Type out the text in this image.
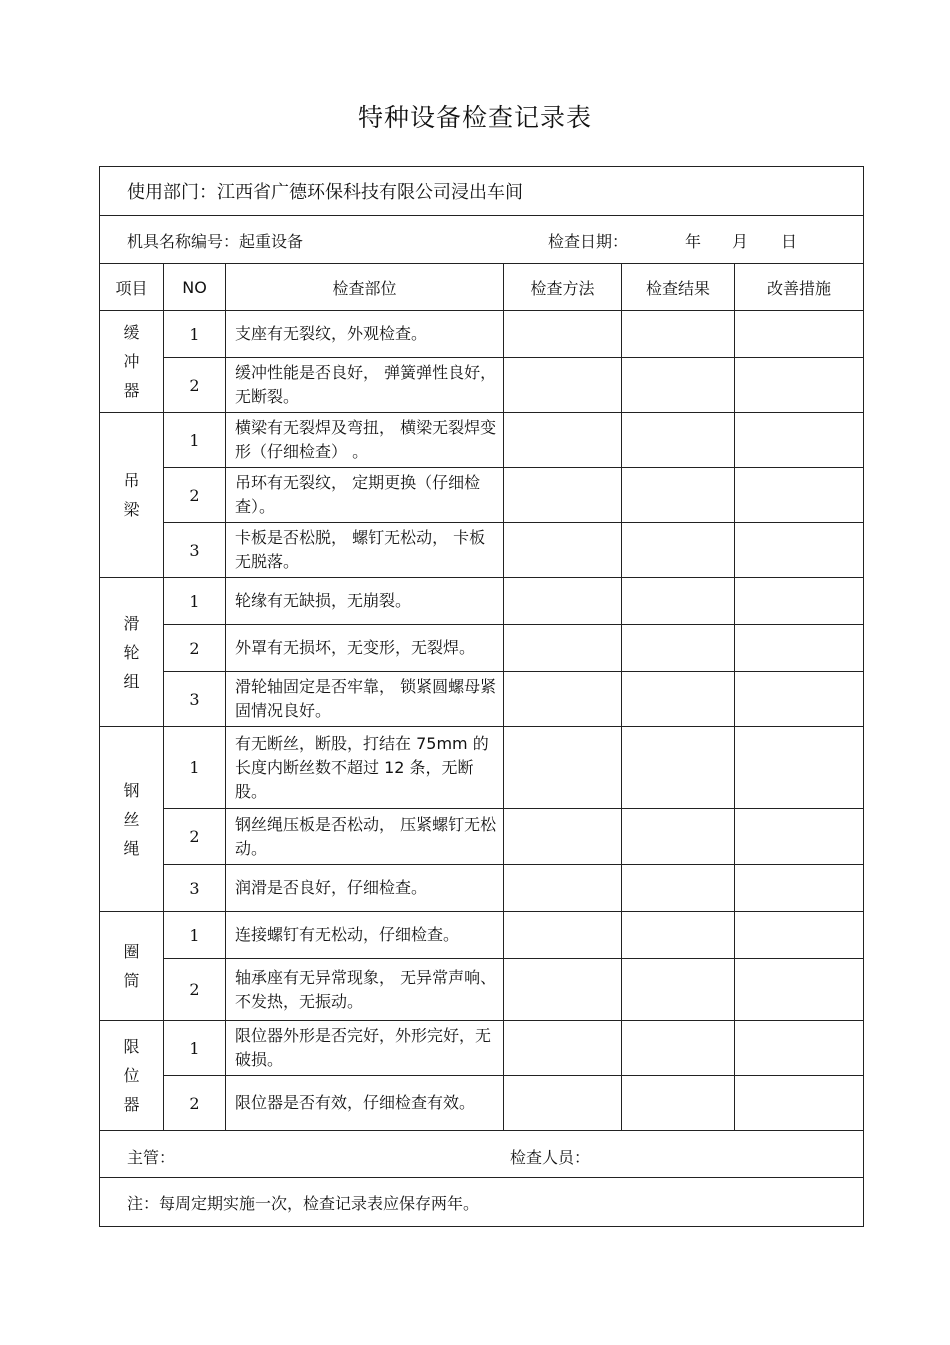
特种设备检查记录表
使用部门：江西省广德环保科技有限公司浸出车间					

机具名称编号：起重设备 检查日期： 年 月 日					

项目	NO	检查部位	检查方法	检查结果	改善措施

缓
冲
器	1	支座有无裂纹，外观检查。			
	2	缓冲性能是否良好， 弹簧弹性良好，无断裂。			

吊
梁	1	横梁有无裂焊及弯扭， 横梁无裂焊变形（仔细检查） 。			
	2	吊环有无裂纹， 定期更换（仔细检查）。			
	3	卡板是否松脱， 螺钉无松动， 卡板无脱落。			

滑
轮
组	1	轮缘有无缺损，无崩裂。			
	2	外罩有无损坏，无变形，无裂焊。			
	3	滑轮轴固定是否牢靠， 锁紧圆螺母紧固情况良好。			

钢
丝
绳	1	有无断丝，断股，打结在 75mm 的长度内断丝数不超过 12 条，无断股。			
	2	钢丝绳压板是否松动， 压紧螺钉无松动。			
	3	润滑是否良好，仔细检查。			

圈
筒	1	连接螺钉有无松动，仔细检查。			
	2	轴承座有无异常现象， 无异常声响、不发热，无振动。			

限
位
器	1	限位器外形是否完好，外形完好，无破损。			
	2	限位器是否有效，仔细检查有效。			

主管： 检查人员：					

注：每周定期实施一次，检查记录表应保存两年。					
